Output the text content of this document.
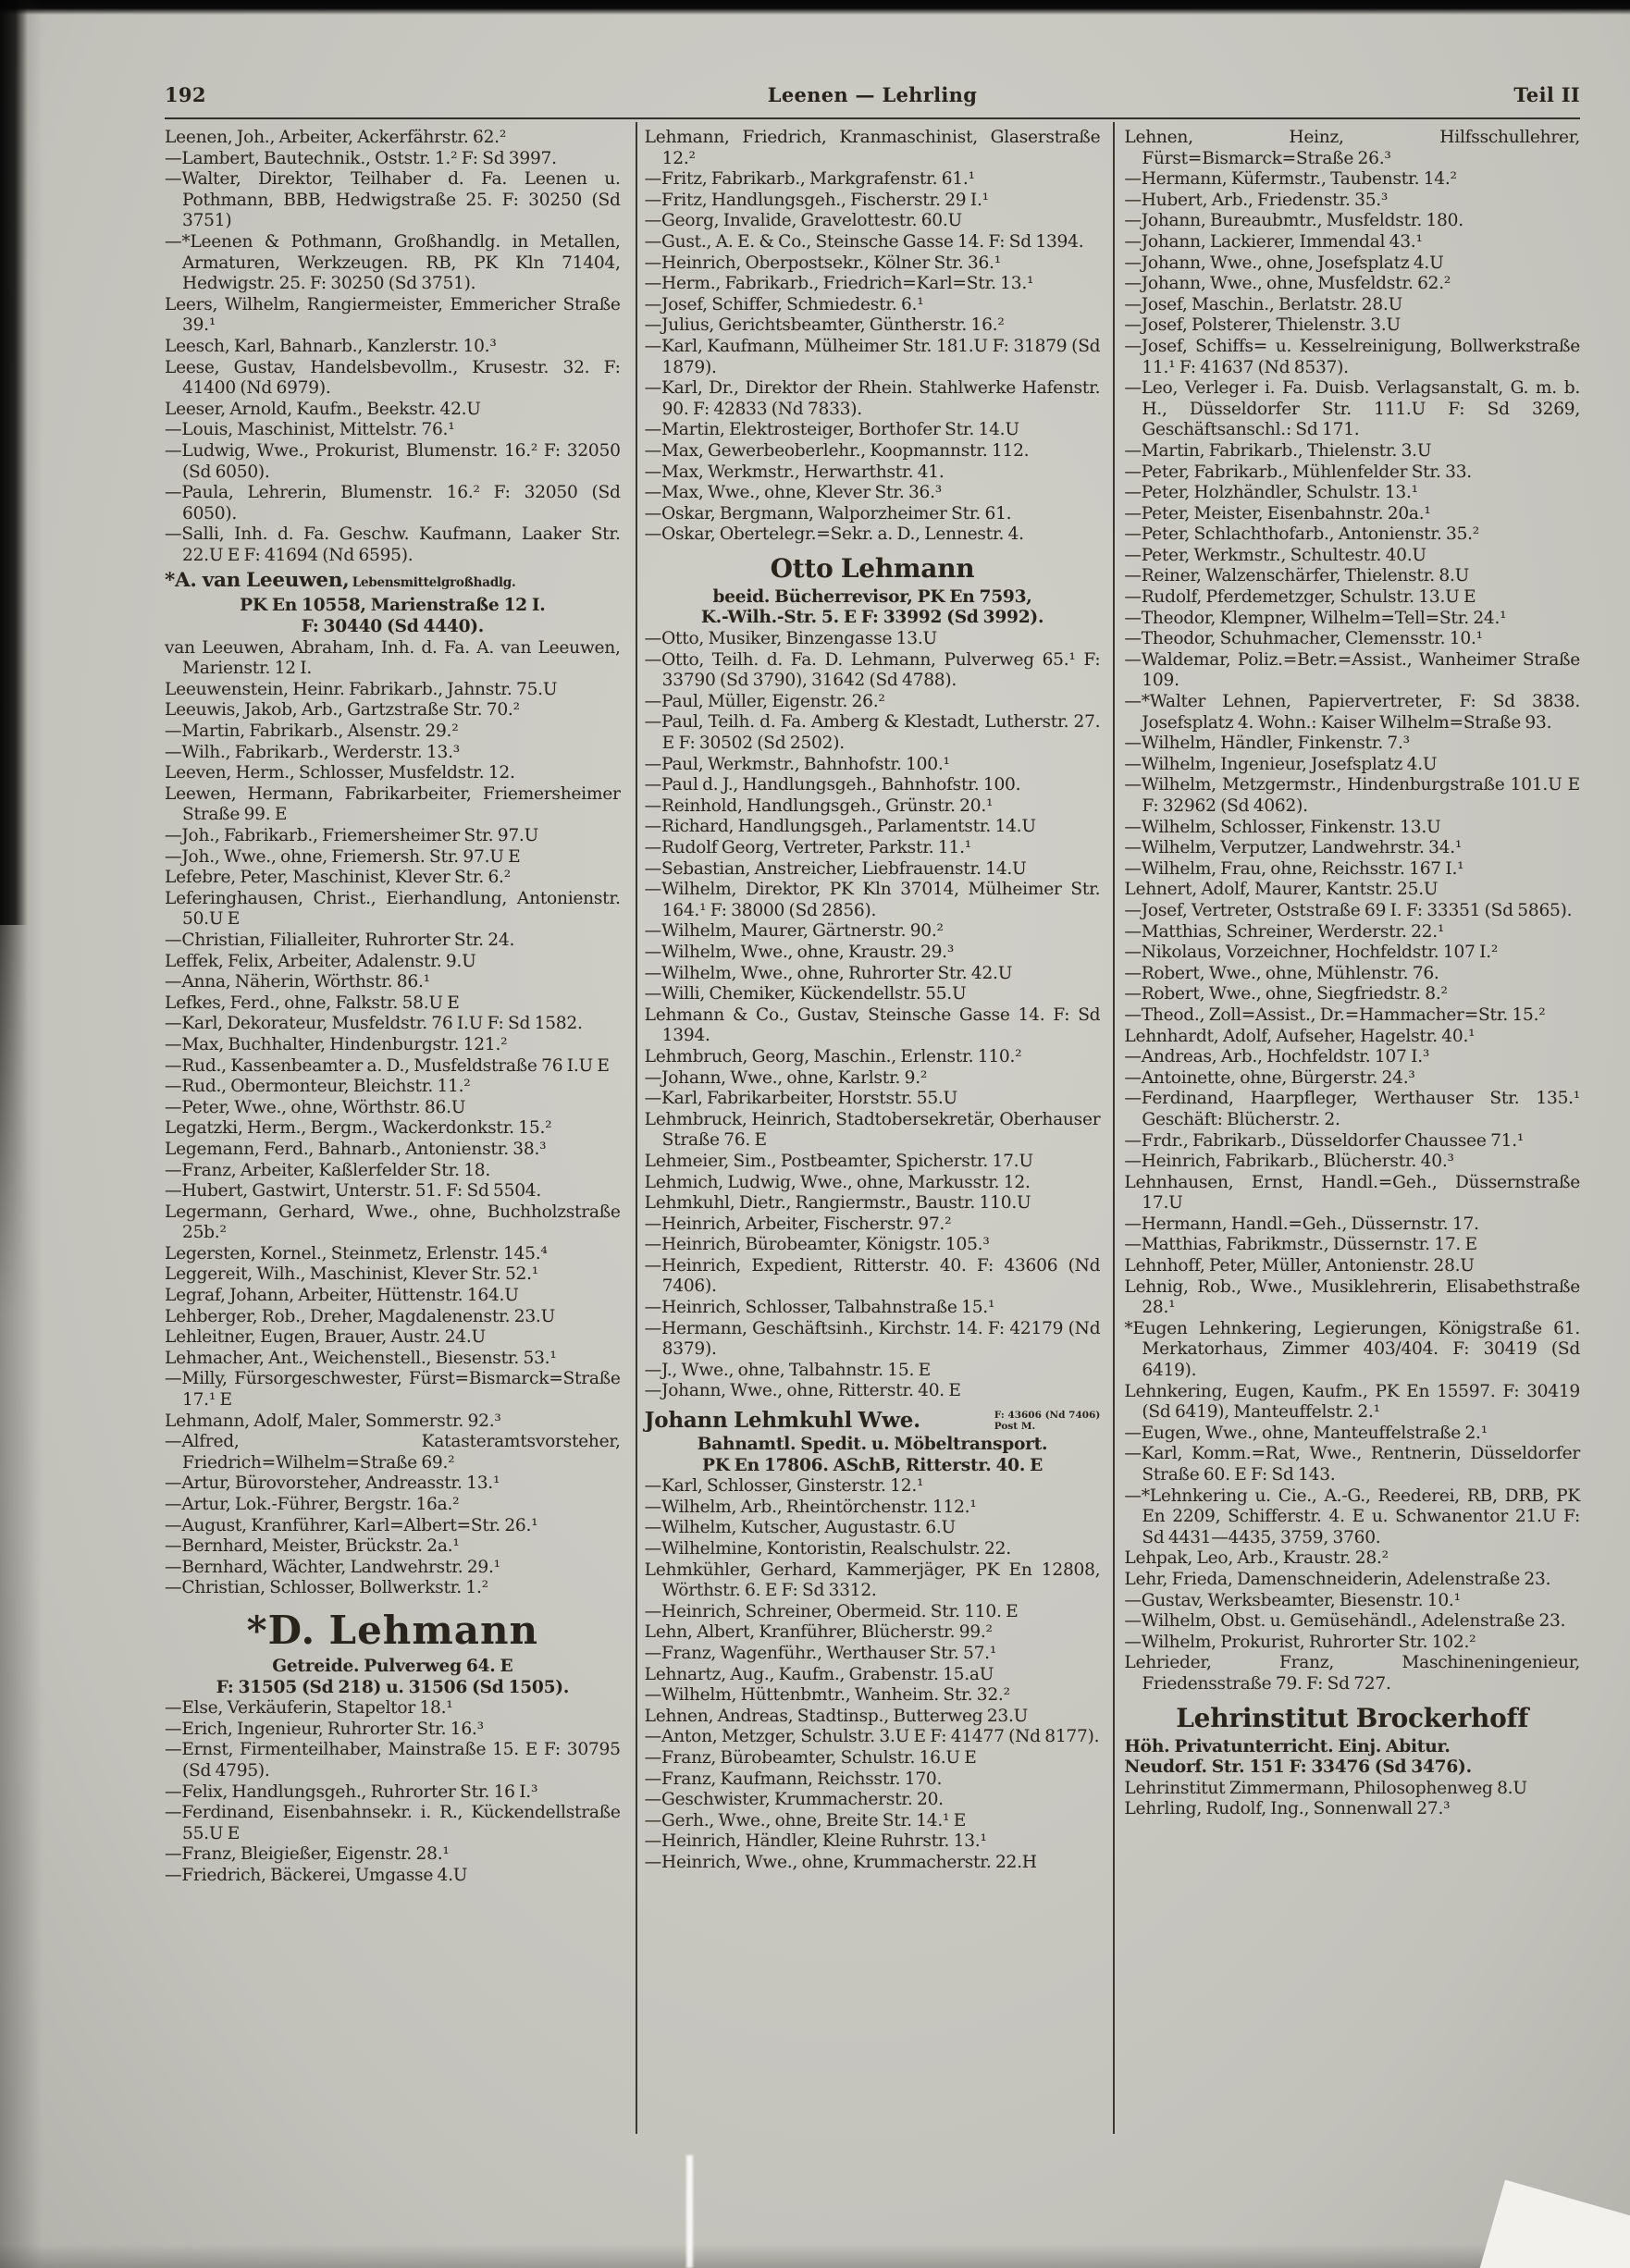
192	Leenen — Lehrling	Teil II
Leenen, Joh., Arbeiter, Ackerfährstr. 62.²
—Lambert, Bautechnik., Oststr. 1.² F: Sd 3997.
—Walter, Direktor, Teilhaber d. Fa. Leenen u. Pothmann, BBB, Hedwigstraße 25. F: 30250 (Sd 3751)
—*Leenen & Pothmann, Großhandlg. in Metallen, Armaturen, Werkzeugen. RB, PK Kln 71404, Hedwigstr. 25. F: 30250 (Sd 3751).
Leers, Wilhelm, Rangiermeister, Emmericher Straße 39.¹
Leesch, Karl, Bahnarb., Kanzlerstr. 10.³
Leese, Gustav, Handelsbevollm., Krusestr. 32. F: 41400 (Nd 6979).
Leeser, Arnold, Kaufm., Beekstr. 42.U
—Louis, Maschinist, Mittelstr. 76.¹
—Ludwig, Wwe., Prokurist, Blumenstr. 16.² F: 32050 (Sd 6050).
—Paula, Lehrerin, Blumenstr. 16.² F: 32050 (Sd 6050).
—Salli, Inh. d. Fa. Geschw. Kaufmann, Laaker Str. 22.U E F: 41694 (Nd 6595).
*A. van Leeuwen, Lebensmittelgroßhadlg.
PK En 10558, Marienstraße 12 I.
F: 30440 (Sd 4440).
van Leeuwen, Abraham, Inh. d. Fa. A. van Leeuwen, Marienstr. 12 I.
Leeuwenstein, Heinr. Fabrikarb., Jahnstr. 75.U
Leeuwis, Jakob, Arb., Gartzstraße Str. 70.²
—Martin, Fabrikarb., Alsenstr. 29.²
—Wilh., Fabrikarb., Werderstr. 13.³
Leeven, Herm., Schlosser, Musfeldstr. 12.
Leewen, Hermann, Fabrikarbeiter, Friemersheimer Straße 99. E
—Joh., Fabrikarb., Friemersheimer Str. 97.U
—Joh., Wwe., ohne, Friemersh. Str. 97.U E
Lefebre, Peter, Maschinist, Klever Str. 6.²
Leferinghausen, Christ., Eierhandlung, Antonienstr. 50.U E
—Christian, Filialleiter, Ruhrorter Str. 24.
Leffek, Felix, Arbeiter, Adalenstr. 9.U
—Anna, Näherin, Wörthstr. 86.¹
Lefkes, Ferd., ohne, Falkstr. 58.U E
—Karl, Dekorateur, Musfeldstr. 76 I.U F: Sd 1582.
—Max, Buchhalter, Hindenburgstr. 121.²
—Rud., Kassenbeamter a. D., Musfeldstraße 76 I.U E
—Rud., Obermonteur, Bleichstr. 11.²
—Peter, Wwe., ohne, Wörthstr. 86.U
Legatzki, Herm., Bergm., Wackerdonkstr. 15.²
Legemann, Ferd., Bahnarb., Antonienstr. 38.³
—Franz, Arbeiter, Kaßlerfelder Str. 18.
—Hubert, Gastwirt, Unterstr. 51. F: Sd 5504.
Legermann, Gerhard, Wwe., ohne, Buchholzstraße 25b.²
Legersten, Kornel., Steinmetz, Erlenstr. 145.⁴
Leggereit, Wilh., Maschinist, Klever Str. 52.¹
Legraf, Johann, Arbeiter, Hüttenstr. 164.U
Lehberger, Rob., Dreher, Magdalenenstr. 23.U
Lehleitner, Eugen, Brauer, Austr. 24.U
Lehmacher, Ant., Weichenstell., Biesenstr. 53.¹
—Milly, Fürsorgeschwester, Fürst=Bismarck=Straße 17.¹ E
Lehmann, Adolf, Maler, Sommerstr. 92.³
—Alfred, Katasteramtsvorsteher, Friedrich=Wilhelm=Straße 69.²
—Artur, Bürovorsteher, Andreasstr. 13.¹
—Artur, Lok.-Führer, Bergstr. 16a.²
—August, Kranführer, Karl=Albert=Str. 26.¹
—Bernhard, Meister, Brückstr. 2a.¹
—Bernhard, Wächter, Landwehrstr. 29.¹
—Christian, Schlosser, Bollwerkstr. 1.²
*D. Lehmann
Getreide. Pulverweg 64. E
F: 31505 (Sd 218) u. 31506 (Sd 1505).
—Else, Verkäuferin, Stapeltor 18.¹
—Erich, Ingenieur, Ruhrorter Str. 16.³
—Ernst, Firmenteilhaber, Mainstraße 15. E F: 30795 (Sd 4795).
—Felix, Handlungsgeh., Ruhrorter Str. 16 I.³
—Ferdinand, Eisenbahnsekr. i. R., Kückendellstraße 55.U E
—Franz, Bleigießer, Eigenstr. 28.¹
—Friedrich, Bäckerei, Umgasse 4.U
Lehmann, Friedrich, Kranmaschinist, Glaserstraße 12.²
—Fritz, Fabrikarb., Markgrafenstr. 61.¹
—Fritz, Handlungsgeh., Fischerstr. 29 I.¹
—Georg, Invalide, Gravelottestr. 60.U
—Gust., A. E. & Co., Steinsche Gasse 14. F: Sd 1394.
—Heinrich, Oberpostsekr., Kölner Str. 36.¹
—Herm., Fabrikarb., Friedrich=Karl=Str. 13.¹
—Josef, Schiffer, Schmiedestr. 6.¹
—Julius, Gerichtsbeamter, Güntherstr. 16.²
—Karl, Kaufmann, Mülheimer Str. 181.U F: 31879 (Sd 1879).
—Karl, Dr., Direktor der Rhein. Stahlwerke Hafenstr. 90. F: 42833 (Nd 7833).
—Martin, Elektrosteiger, Borthofer Str. 14.U
—Max, Gewerbeoberlehr., Koopmannstr. 112.
—Max, Werkmstr., Herwarthstr. 41.
—Max, Wwe., ohne, Klever Str. 36.³
—Oskar, Bergmann, Walporzheimer Str. 61.
—Oskar, Obertelegr.=Sekr. a. D., Lennestr. 4.
Otto Lehmann
beeid. Bücherrevisor, PK En 7593,
K.-Wilh.-Str. 5. E F: 33992 (Sd 3992).
—Otto, Musiker, Binzengasse 13.U
—Otto, Teilh. d. Fa. D. Lehmann, Pulverweg 65.¹ F: 33790 (Sd 3790), 31642 (Sd 4788).
—Paul, Müller, Eigenstr. 26.²
—Paul, Teilh. d. Fa. Amberg & Klestadt, Lutherstr. 27. E F: 30502 (Sd 2502).
—Paul, Werkmstr., Bahnhofstr. 100.¹
—Paul d. J., Handlungsgeh., Bahnhofstr. 100.
—Reinhold, Handlungsgeh., Grünstr. 20.¹
—Richard, Handlungsgeh., Parlamentstr. 14.U
—Rudolf Georg, Vertreter, Parkstr. 11.¹
—Sebastian, Anstreicher, Liebfrauenstr. 14.U
—Wilhelm, Direktor, PK Kln 37014, Mülheimer Str. 164.¹ F: 38000 (Sd 2856).
—Wilhelm, Maurer, Gärtnerstr. 90.²
—Wilhelm, Wwe., ohne, Kraustr. 29.³
—Wilhelm, Wwe., ohne, Ruhrorter Str. 42.U
—Willi, Chemiker, Kückendellstr. 55.U
Lehmann & Co., Gustav, Steinsche Gasse 14. F: Sd 1394.
Lehmbruch, Georg, Maschin., Erlenstr. 110.²
—Johann, Wwe., ohne, Karlstr. 9.²
—Karl, Fabrikarbeiter, Horststr. 55.U
Lehmbruck, Heinrich, Stadtobersekretär, Oberhauser Straße 76. E
Lehmeier, Sim., Postbeamter, Spicherstr. 17.U
Lehmich, Ludwig, Wwe., ohne, Markusstr. 12.
Lehmkuhl, Dietr., Rangiermstr., Baustr. 110.U
—Heinrich, Arbeiter, Fischerstr. 97.²
—Heinrich, Bürobeamter, Königstr. 105.³
—Heinrich, Expedient, Ritterstr. 40. F: 43606 (Nd 7406).
—Heinrich, Schlosser, Talbahnstraße 15.¹
—Hermann, Geschäftsinh., Kirchstr. 14. F: 42179 (Nd 8379).
—J., Wwe., ohne, Talbahnstr. 15. E
—Johann, Wwe., ohne, Ritterstr. 40. E
Johann Lehmkuhl Wwe.	F: 43606 (Nd 7406)
Post M.
Bahnamtl. Spedit. u. Möbeltransport.
PK En 17806. ASchB, Ritterstr. 40. E
—Karl, Schlosser, Ginsterstr. 12.¹
—Wilhelm, Arb., Rheintörchenstr. 112.¹
—Wilhelm, Kutscher, Augustastr. 6.U
—Wilhelmine, Kontoristin, Realschulstr. 22.
Lehmkühler, Gerhard, Kammerjäger, PK En 12808, Wörthstr. 6. E F: Sd 3312.
—Heinrich, Schreiner, Obermeid. Str. 110. E
Lehn, Albert, Kranführer, Blücherstr. 99.²
—Franz, Wagenführ., Werthauser Str. 57.¹
Lehnartz, Aug., Kaufm., Grabenstr. 15.aU
—Wilhelm, Hüttenbmtr., Wanheim. Str. 32.²
Lehnen, Andreas, Stadtinsp., Butterweg 23.U
—Anton, Metzger, Schulstr. 3.U E F: 41477 (Nd 8177).
—Franz, Bürobeamter, Schulstr. 16.U E
—Franz, Kaufmann, Reichsstr. 170.
—Geschwister, Krummacherstr. 20.
—Gerh., Wwe., ohne, Breite Str. 14.¹ E
—Heinrich, Händler, Kleine Ruhrstr. 13.¹
—Heinrich, Wwe., ohne, Krummacherstr. 22.H
Lehnen, Heinz, Hilfsschullehrer, Fürst=Bismarck=Straße 26.³
—Hermann, Küfermstr., Taubenstr. 14.²
—Hubert, Arb., Friedenstr. 35.³
—Johann, Bureaubmtr., Musfeldstr. 180.
—Johann, Lackierer, Immendal 43.¹
—Johann, Wwe., ohne, Josefsplatz 4.U
—Johann, Wwe., ohne, Musfeldstr. 62.²
—Josef, Maschin., Berlatstr. 28.U
—Josef, Polsterer, Thielenstr. 3.U
—Josef, Schiffs= u. Kesselreinigung, Bollwerkstraße 11.¹ F: 41637 (Nd 8537).
—Leo, Verleger i. Fa. Duisb. Verlagsanstalt, G. m. b. H., Düsseldorfer Str. 111.U F: Sd 3269, Geschäftsanschl.: Sd 171.
—Martin, Fabrikarb., Thielenstr. 3.U
—Peter, Fabrikarb., Mühlenfelder Str. 33.
—Peter, Holzhändler, Schulstr. 13.¹
—Peter, Meister, Eisenbahnstr. 20a.¹
—Peter, Schlachthofarb., Antonienstr. 35.²
—Peter, Werkmstr., Schultestr. 40.U
—Reiner, Walzenschärfer, Thielenstr. 8.U
—Rudolf, Pferdemetzger, Schulstr. 13.U E
—Theodor, Klempner, Wilhelm=Tell=Str. 24.¹
—Theodor, Schuhmacher, Clemensstr. 10.¹
—Waldemar, Poliz.=Betr.=Assist., Wanheimer Straße 109.
—*Walter Lehnen, Papiervertreter, F: Sd 3838. Josefsplatz 4. Wohn.: Kaiser Wilhelm=Straße 93.
—Wilhelm, Händler, Finkenstr. 7.³
—Wilhelm, Ingenieur, Josefsplatz 4.U
—Wilhelm, Metzgermstr., Hindenburgstraße 101.U E F: 32962 (Sd 4062).
—Wilhelm, Schlosser, Finkenstr. 13.U
—Wilhelm, Verputzer, Landwehrstr. 34.¹
—Wilhelm, Frau, ohne, Reichsstr. 167 I.¹
Lehnert, Adolf, Maurer, Kantstr. 25.U
—Josef, Vertreter, Oststraße 69 I. F: 33351 (Sd 5865).
—Matthias, Schreiner, Werderstr. 22.¹
—Nikolaus, Vorzeichner, Hochfeldstr. 107 I.²
—Robert, Wwe., ohne, Mühlenstr. 76.
—Robert, Wwe., ohne, Siegfriedstr. 8.²
—Theod., Zoll=Assist., Dr.=Hammacher=Str. 15.²
Lehnhardt, Adolf, Aufseher, Hagelstr. 40.¹
—Andreas, Arb., Hochfeldstr. 107 I.³
—Antoinette, ohne, Bürgerstr. 24.³
—Ferdinand, Haarpfleger, Werthauser Str. 135.¹ Geschäft: Blücherstr. 2.
—Frdr., Fabrikarb., Düsseldorfer Chaussee 71.¹
—Heinrich, Fabrikarb., Blücherstr. 40.³
Lehnhausen, Ernst, Handl.=Geh., Düssernstraße 17.U
—Hermann, Handl.=Geh., Düssernstr. 17.
—Matthias, Fabrikmstr., Düssernstr. 17. E
Lehnhoff, Peter, Müller, Antonienstr. 28.U
Lehnig, Rob., Wwe., Musiklehrerin, Elisabethstraße 28.¹
*Eugen Lehnkering, Legierungen, Königstraße 61. Merkatorhaus, Zimmer 403/404. F: 30419 (Sd 6419).
Lehnkering, Eugen, Kaufm., PK En 15597. F: 30419 (Sd 6419), Manteuffelstr. 2.¹
—Eugen, Wwe., ohne, Manteuffelstraße 2.¹
—Karl, Komm.=Rat, Wwe., Rentnerin, Düsseldorfer Straße 60. E F: Sd 143.
—*Lehnkering u. Cie., A.-G., Reederei, RB, DRB, PK En 2209, Schifferstr. 4. E u. Schwanentor 21.U F: Sd 4431—4435, 3759, 3760.
Lehpak, Leo, Arb., Kraustr. 28.²
Lehr, Frieda, Damenschneiderin, Adelenstraße 23.
—Gustav, Werksbeamter, Biesenstr. 10.¹
—Wilhelm, Obst. u. Gemüsehändl., Adelenstraße 23.
—Wilhelm, Prokurist, Ruhrorter Str. 102.²
Lehrieder, Franz, Maschineningenieur, Friedensstraße 79. F: Sd 727.
Lehrinstitut Brockerhoff
Höh. Privatunterricht. Einj. Abitur.
Neudorf. Str. 151 F: 33476 (Sd 3476).
Lehrinstitut Zimmermann, Philosophenweg 8.U
Lehrling, Rudolf, Ing., Sonnenwall 27.³
